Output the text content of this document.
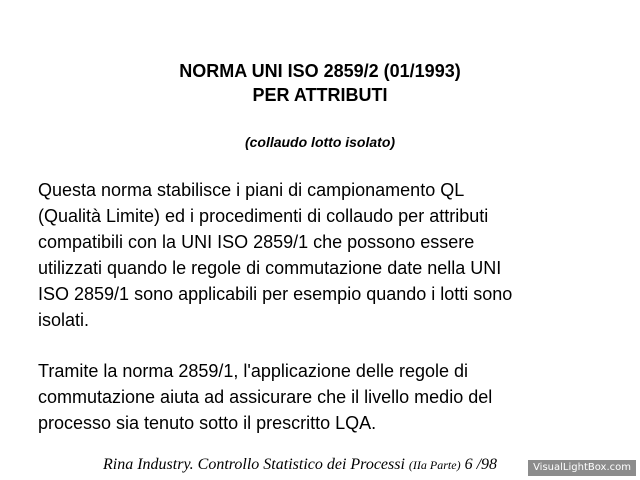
NORMA UNI ISO 2859/2 (01/1993)
PER ATTRIBUTI
(collaudo lotto isolato)
Questa norma stabilisce i piani di campionamento QL
(Qualità Limite) ed i procedimenti di collaudo per attributi
compatibili con la UNI ISO 2859/1 che possono essere
utilizzati quando le regole di commutazione date nella UNI
ISO 2859/1 sono applicabili per esempio quando i lotti sono
isolati.
Tramite la norma 2859/1, l'applicazione delle regole di
commutazione aiuta ad assicurare che il livello medio del
processo sia tenuto sotto il prescritto LQA.
Rina Industry. Controllo Statistico dei Processi (IIa Parte) 6 /98	VisualLightBox.com
